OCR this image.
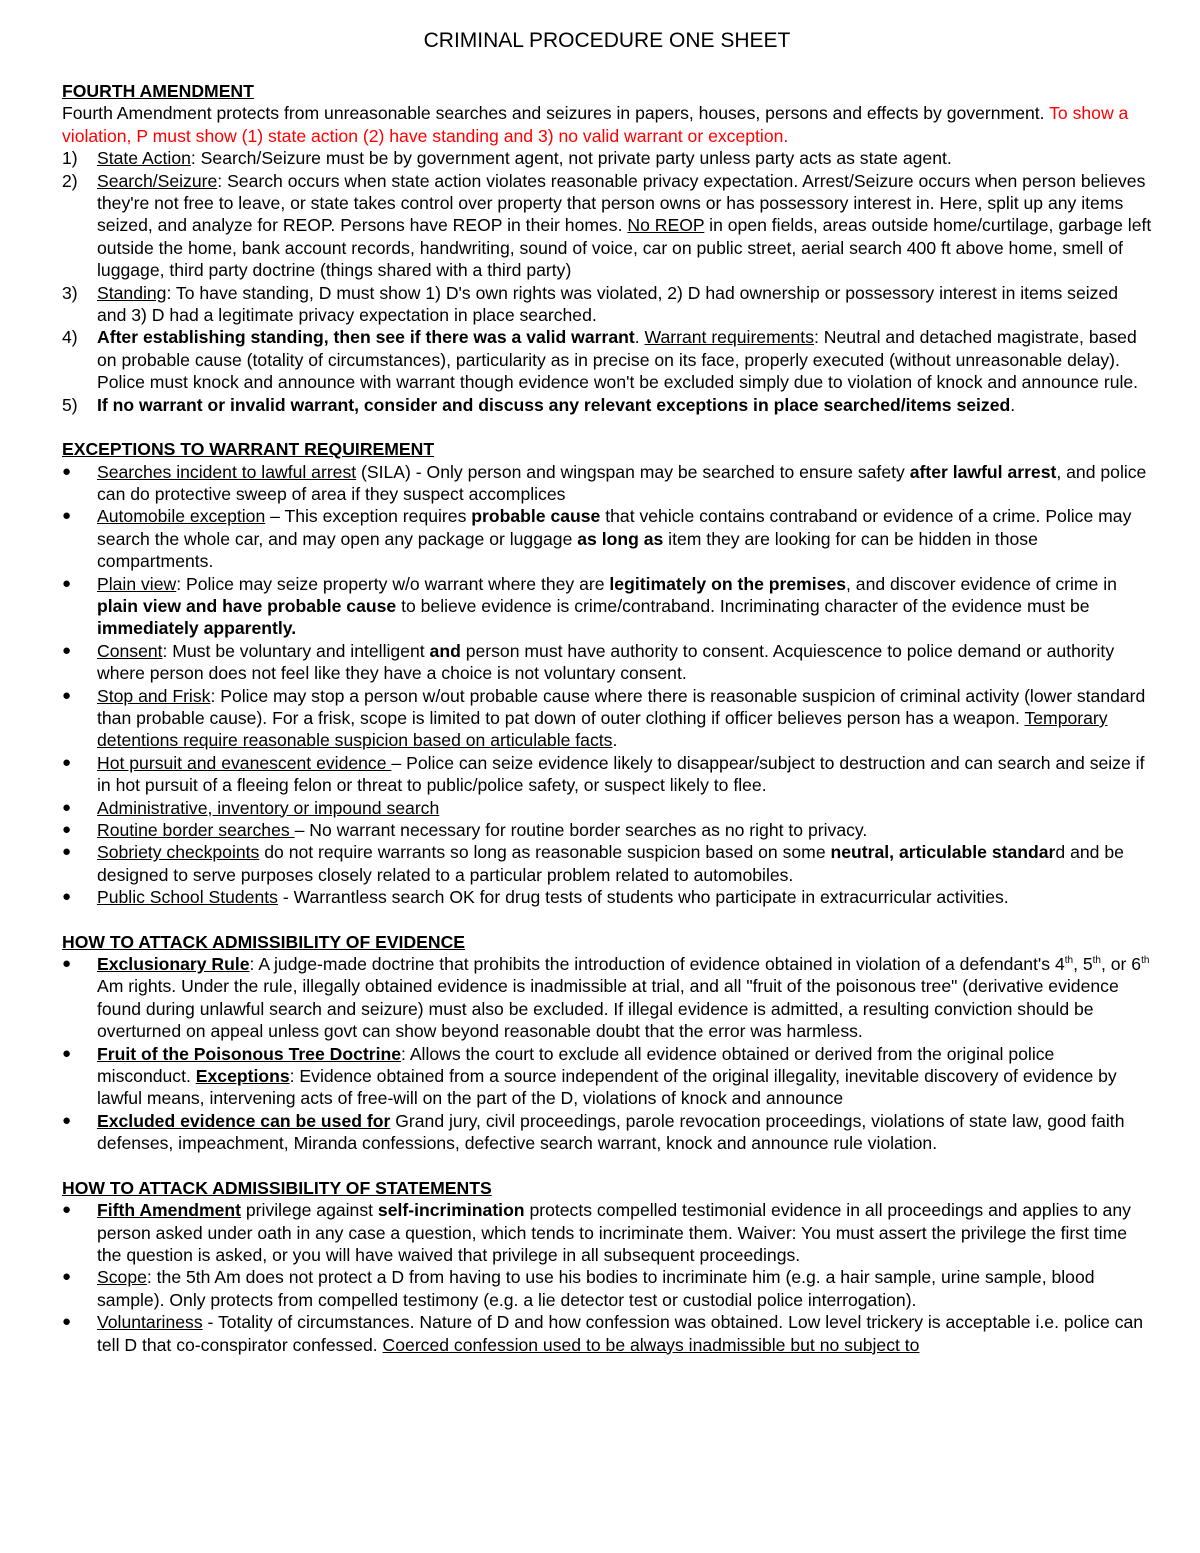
CRIMINAL PROCEDURE ONE SHEET
FOURTH AMENDMENT

Fourth Amendment protects from unreasonable searches and seizures in papers, houses, persons and effects by government. To show a violation, P must show (1) state action (2) have standing and 3) no valid warrant or exception.

1) State Action: Search/Seizure must be by government agent, not private party unless party acts as state agent.
2) Search/Seizure: Search occurs when state action violates reasonable privacy expectation. Arrest/Seizure occurs when person believes they're not free to leave, or state takes control over property that person owns or has possessory interest in. Here, split up any items seized, and analyze for REOP. Persons have REOP in their homes. No REOP in open fields, areas outside home/curtilage, garbage left outside the home, bank account records, handwriting, sound of voice, car on public street, aerial search 400 ft above home, smell of luggage, third party doctrine (things shared with a third party)
3) Standing: To have standing, D must show 1) D's own rights was violated, 2) D had ownership or possessory interest in items seized and 3) D had a legitimate privacy expectation in place searched.
4) After establishing standing, then see if there was a valid warrant. Warrant requirements: Neutral and detached magistrate, based on probable cause (totality of circumstances), particularity as in precise on its face, properly executed (without unreasonable delay). Police must knock and announce with warrant though evidence won't be excluded simply due to violation of knock and announce rule.
5) If no warrant or invalid warrant, consider and discuss any relevant exceptions in place searched/items seized.
EXCEPTIONS TO WARRANT REQUIREMENT
● Searches incident to lawful arrest (SILA) - Only person and wingspan may be searched to ensure safety after lawful arrest, and police can do protective sweep of area if they suspect accomplices
● Automobile exception – This exception requires probable cause that vehicle contains contraband or evidence of a crime. Police may search the whole car, and may open any package or luggage as long as item they are looking for can be hidden in those compartments.
● Plain view: Police may seize property w/o warrant where they are legitimately on the premises, and discover evidence of crime in plain view and have probable cause to believe evidence is crime/contraband. Incriminating character of the evidence must be immediately apparently.
● Consent: Must be voluntary and intelligent and person must have authority to consent. Acquiescence to police demand or authority where person does not feel like they have a choice is not voluntary consent.
● Stop and Frisk: Police may stop a person w/out probable cause where there is reasonable suspicion of criminal activity (lower standard than probable cause). For a frisk, scope is limited to pat down of outer clothing if officer believes person has a weapon. Temporary detentions require reasonable suspicion based on articulable facts.
● Hot pursuit and evanescent evidence – Police can seize evidence likely to disappear/subject to destruction and can search and seize if in hot pursuit of a fleeing felon or threat to public/police safety, or suspect likely to flee.
● Administrative, inventory or impound search
● Routine border searches – No warrant necessary for routine border searches as no right to privacy.
● Sobriety checkpoints do not require warrants so long as reasonable suspicion based on some neutral, articulable standard and be designed to serve purposes closely related to a particular problem related to automobiles.
● Public School Students - Warrantless search OK for drug tests of students who participate in extracurricular activities.
HOW TO ATTACK ADMISSIBILITY OF EVIDENCE
● Exclusionary Rule: A judge-made doctrine that prohibits the introduction of evidence obtained in violation of a defendant's 4th, 5th, or 6th Am rights. Under the rule, illegally obtained evidence is inadmissible at trial, and all "fruit of the poisonous tree" (derivative evidence found during unlawful search and seizure) must also be excluded. If illegal evidence is admitted, a resulting conviction should be overturned on appeal unless govt can show beyond reasonable doubt that the error was harmless.
● Fruit of the Poisonous Tree Doctrine: Allows the court to exclude all evidence obtained or derived from the original police misconduct. Exceptions: Evidence obtained from a source independent of the original illegality, inevitable discovery of evidence by lawful means, intervening acts of free-will on the part of the D, violations of knock and announce
● Excluded evidence can be used for Grand jury, civil proceedings, parole revocation proceedings, violations of state law, good faith defenses, impeachment, Miranda confessions, defective search warrant, knock and announce rule violation.
HOW TO ATTACK ADMISSIBILITY OF STATEMENTS
● Fifth Amendment privilege against self-incrimination protects compelled testimonial evidence in all proceedings and applies to any person asked under oath in any case a question, which tends to incriminate them. Waiver: You must assert the privilege the first time the question is asked, or you will have waived that privilege in all subsequent proceedings.
● Scope: the 5th Am does not protect a D from having to use his bodies to incriminate him (e.g. a hair sample, urine sample, blood sample). Only protects from compelled testimony (e.g. a lie detector test or custodial police interrogation).
● Voluntariness - Totality of circumstances. Nature of D and how confession was obtained. Low level trickery is acceptable i.e. police can tell D that co-conspirator confessed. Coerced confession used to be always inadmissible but no subject to
